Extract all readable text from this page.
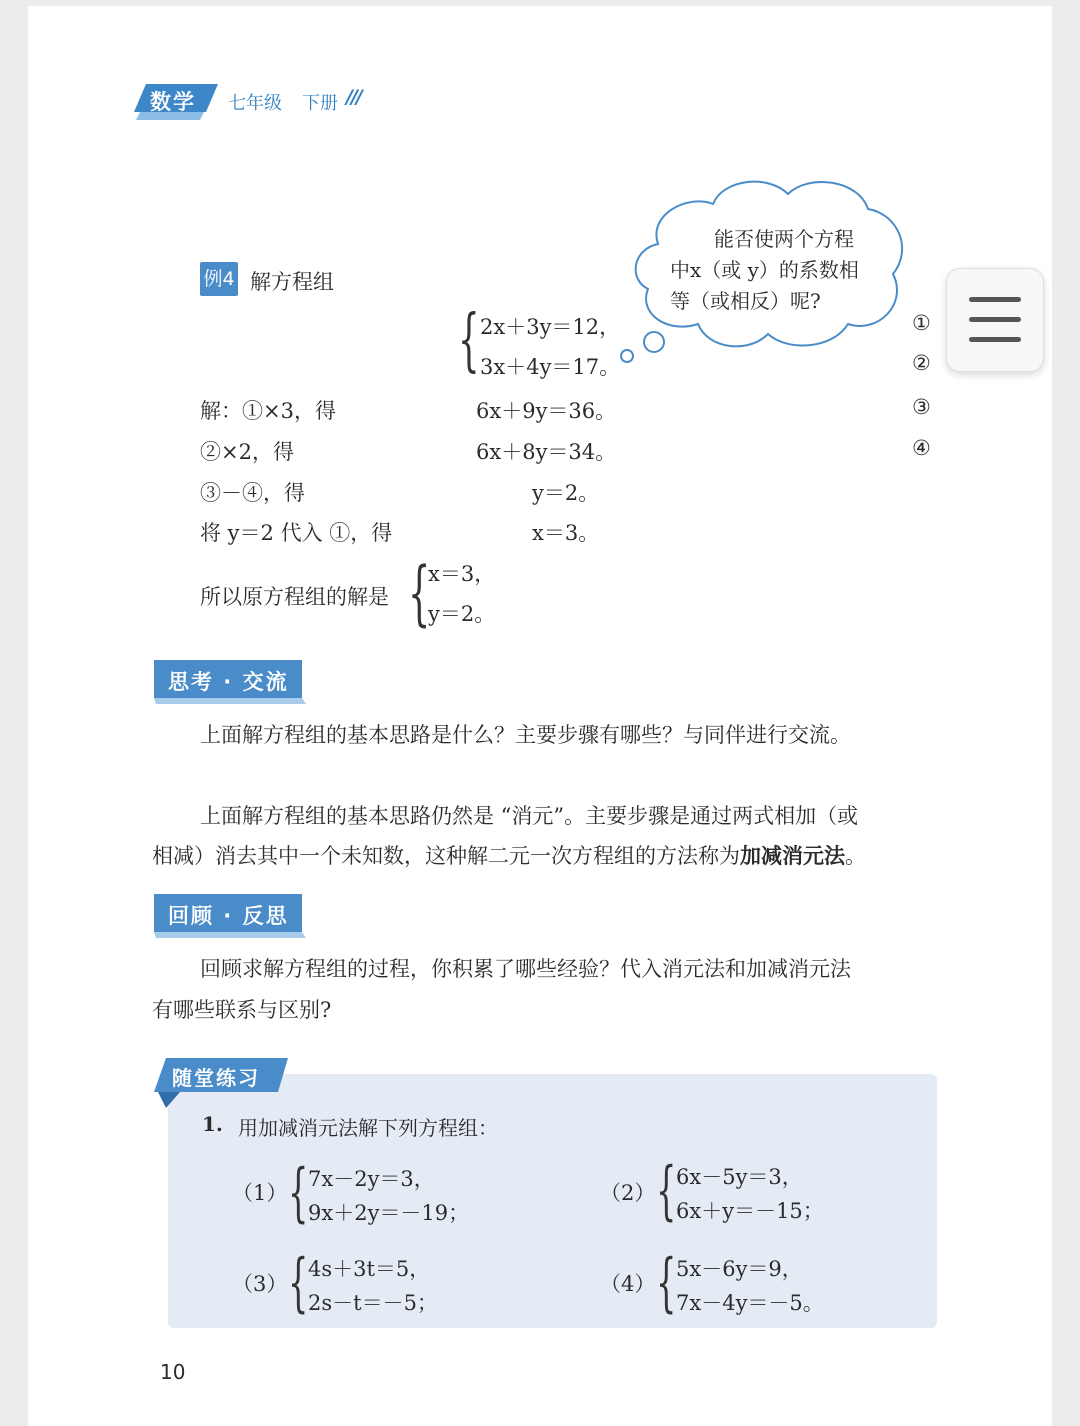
数学 七年级 下册 ///
能否使两个方程
中x（或 y）的系数相
等（或相反）呢?
例4 解方程组
{ 2x＋3y＝12，
3x＋4y＝17。
①
②
解：①×3，得	6x＋9y＝36。	③
②×2，得	6x＋8y＝34。	④
③－④，得	y＝2。
将 y＝2 代入 ①，得	x＝3。
所以原方程组的解是 {
x＝3，
y＝2。
思考 · 交流
上面解方程组的基本思路是什么？主要步骤有哪些？与同伴进行交流。
上面解方程组的基本思路仍然是 “消元”。主要步骤是通过两式相加（或
相减）消去其中一个未知数，这种解二元一次方程组的方法称为加减消元法。
回顾 · 反思
回顾求解方程组的过程，你积累了哪些经验？代入消元法和加减消元法
有哪些联系与区别?
随堂练习
1. 用加减消元法解下列方程组：
（1） { 7x－2y＝3，
9x＋2y＝－19；
（2） { 6x－5y＝3，
6x＋y＝－15；
（3） { 4s＋3t＝5，
2s－t＝－5；
（4） { 5x－6y＝9，
7x－4y＝－5。
10
